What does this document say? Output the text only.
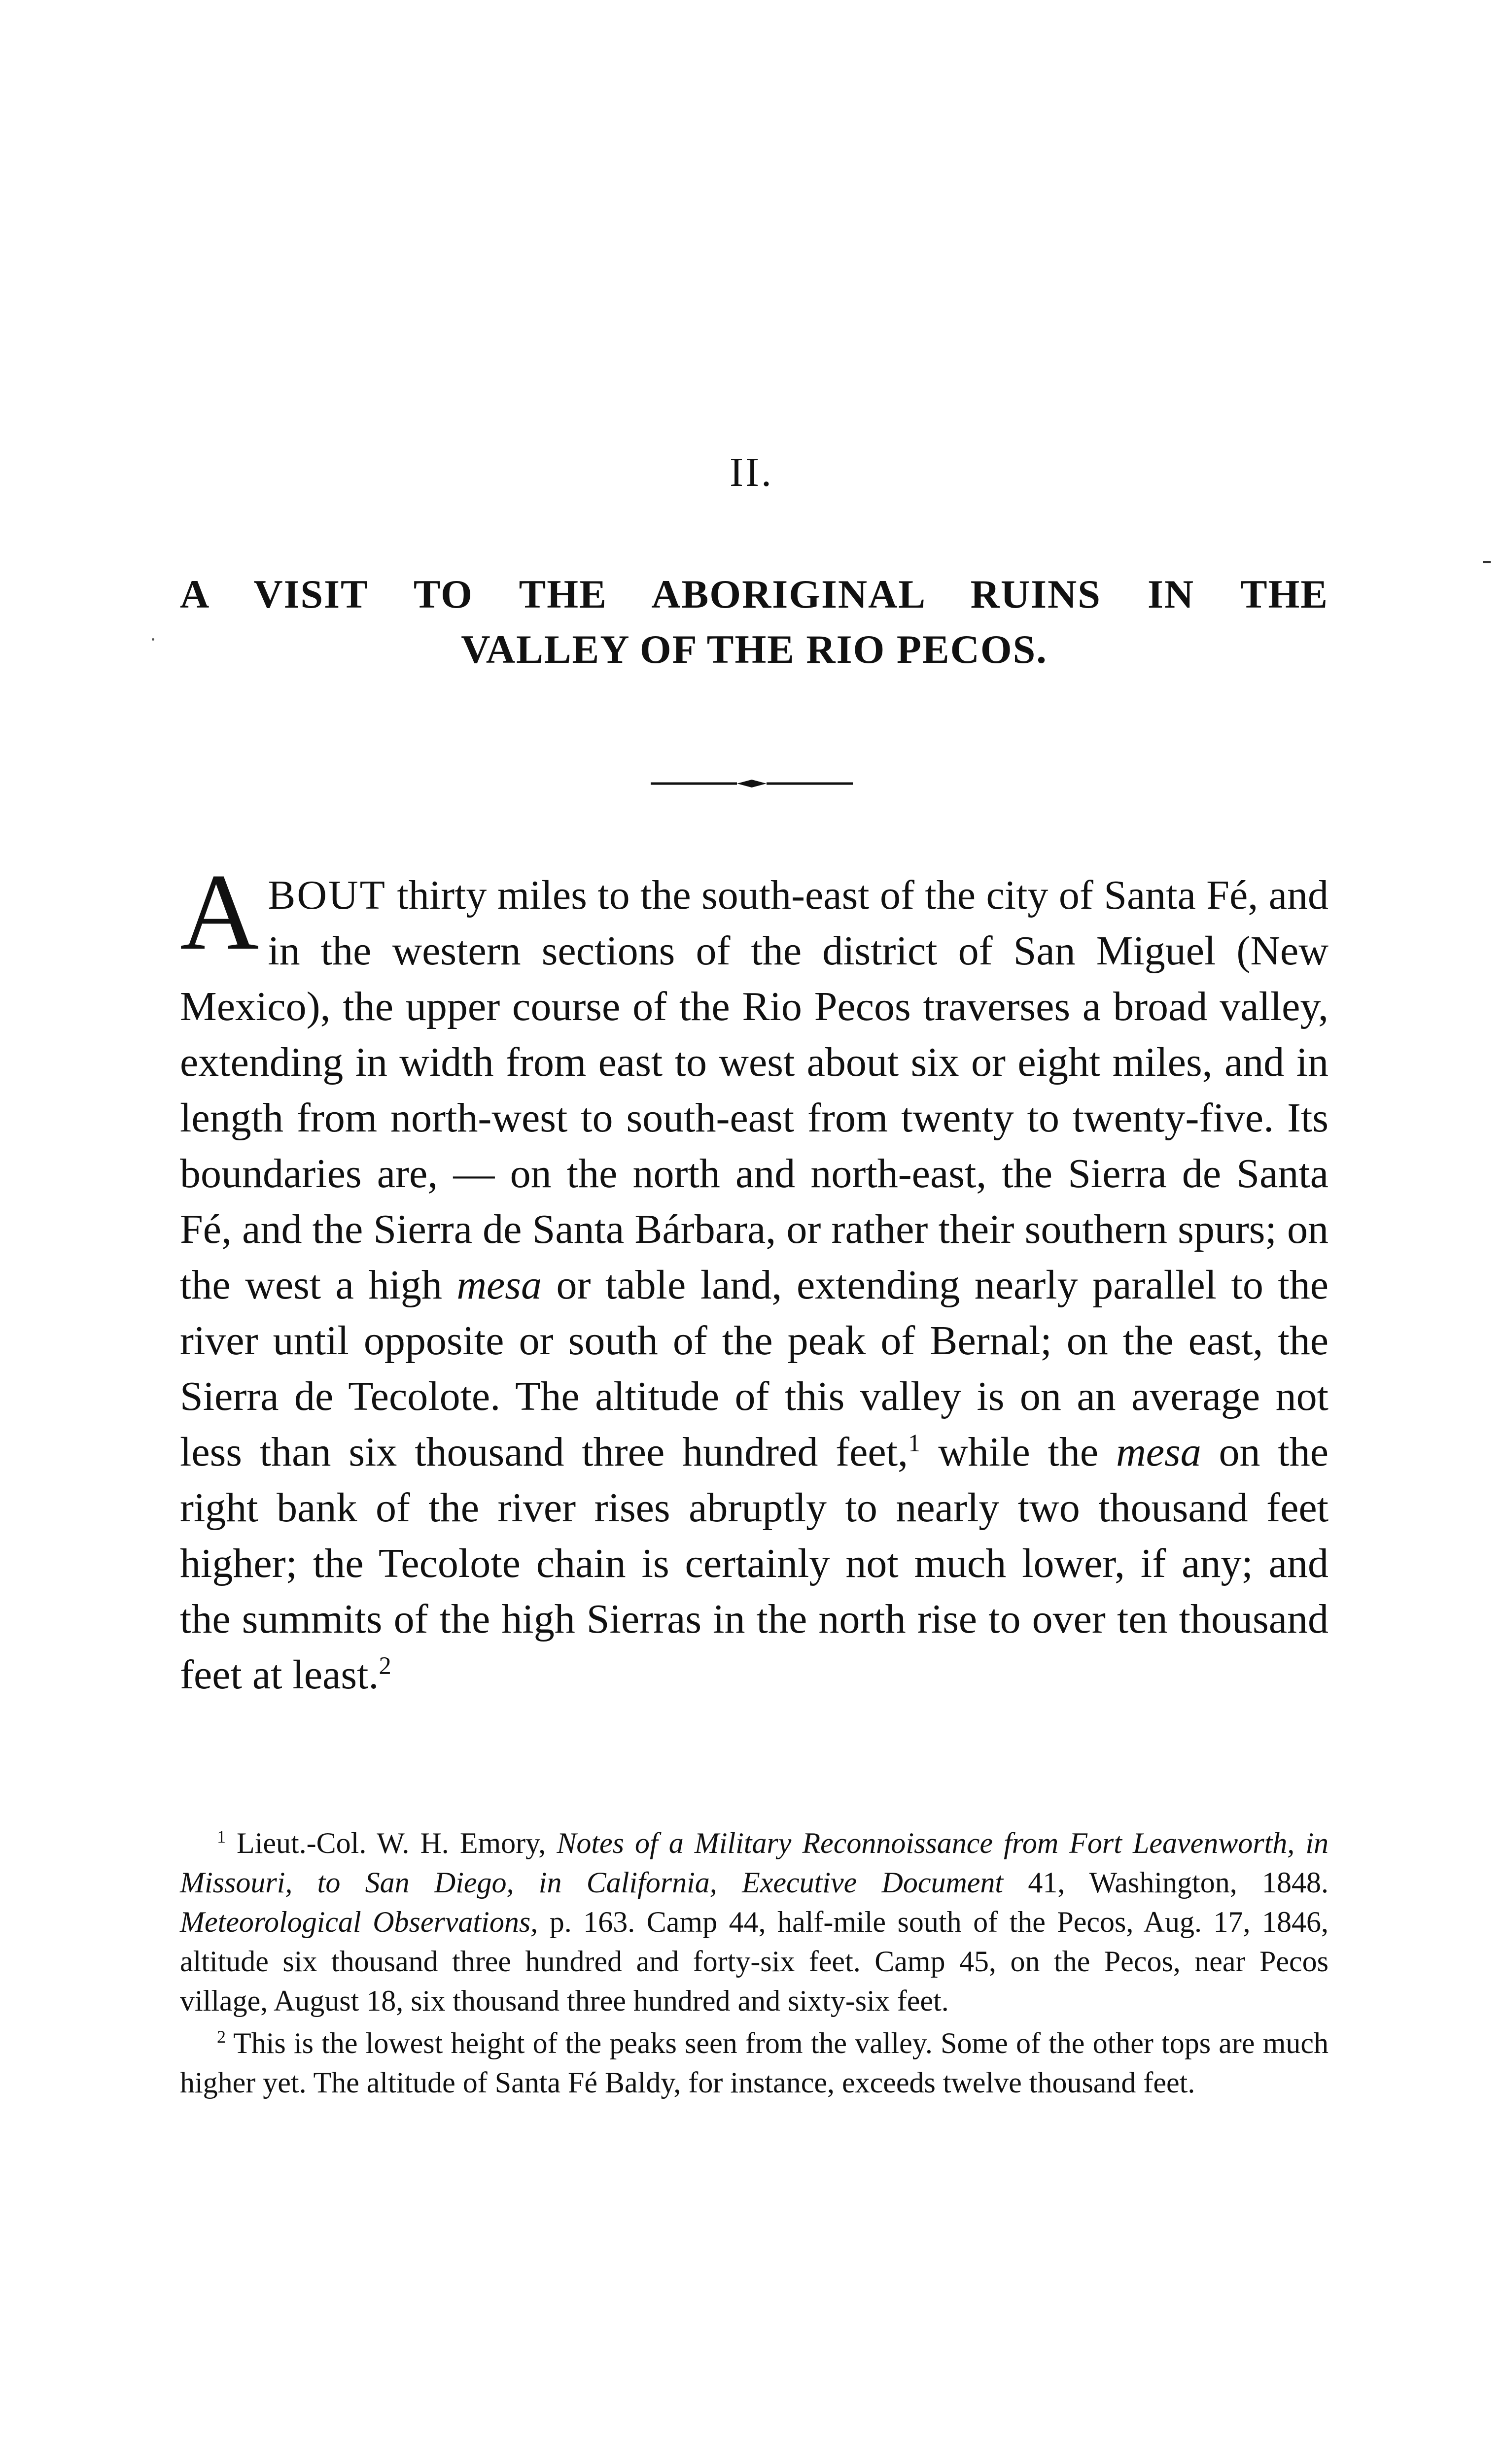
II.
A VISIT TO THE ABORIGINAL RUINS IN THE
VALLEY OF THE RIO PECOS.

ABOUT thirty miles to the south-east of the city of Santa Fé, and in the western sections of the district of San Miguel (New Mexico), the upper course of the Rio Pecos traverses a broad valley, extending in width from east to west about six or eight miles, and in length from north-west to south-east from twenty to twenty-five. Its boundaries are, — on the north and north-east, the Sierra de Santa Fé, and the Sierra de Santa Bárbara, or rather their southern spurs; on the west a high mesa or table land, extending nearly parallel to the river until opposite or south of the peak of Bernal; on the east, the Sierra de Tecolote. The altitude of this valley is on an average not less than six thousand three hundred feet,$^1$ while the mesa on the right bank of the river rises abruptly to nearly two thousand feet higher; the Tecolote chain is certainly not much lower, if any; and the summits of the high Sierras in the north rise to over ten thousand feet at least.$^2$

$^1$ Lieut.-Col. W. H. Emory, Notes of a Military Reconnoissance from Fort Leavenworth, in Missouri, to San Diego, in California, Executive Document 41, Washington, 1848. Meteorological Observations, p. 163. Camp 44, half-mile south of the Pecos, Aug. 17, 1846, altitude six thousand three hundred and forty-six feet. Camp 45, on the Pecos, near Pecos village, August 18, six thousand three hundred and sixty-six feet.

$^2$ This is the lowest height of the peaks seen from the valley. Some of the other tops are much higher yet. The altitude of Santa Fé Baldy, for instance, exceeds twelve thousand feet.
